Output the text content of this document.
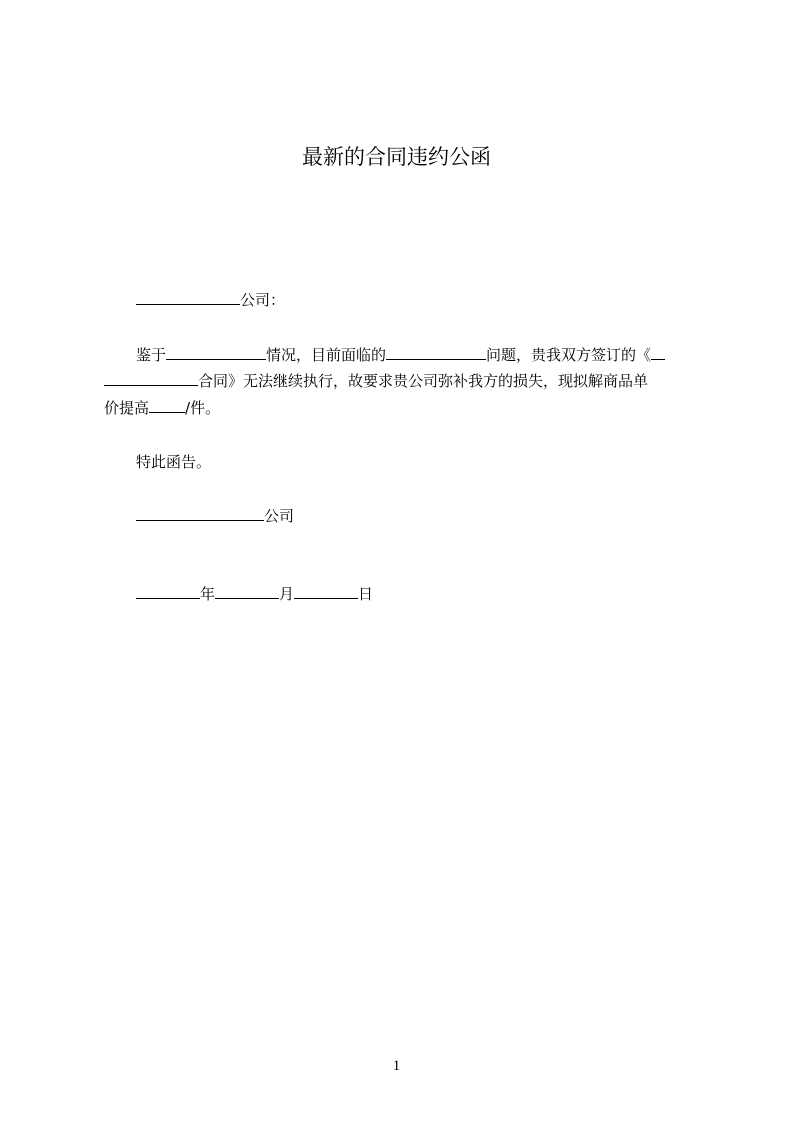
最新的合同违约公函
公司：
鉴于	情况，目前面临的	问题，贵我双方签订的《
合同》无法继续执行，故要求贵公司弥补我方的损失，现拟解商品单
价提高 /件。
特此函告。
公司
年	月	日
1
